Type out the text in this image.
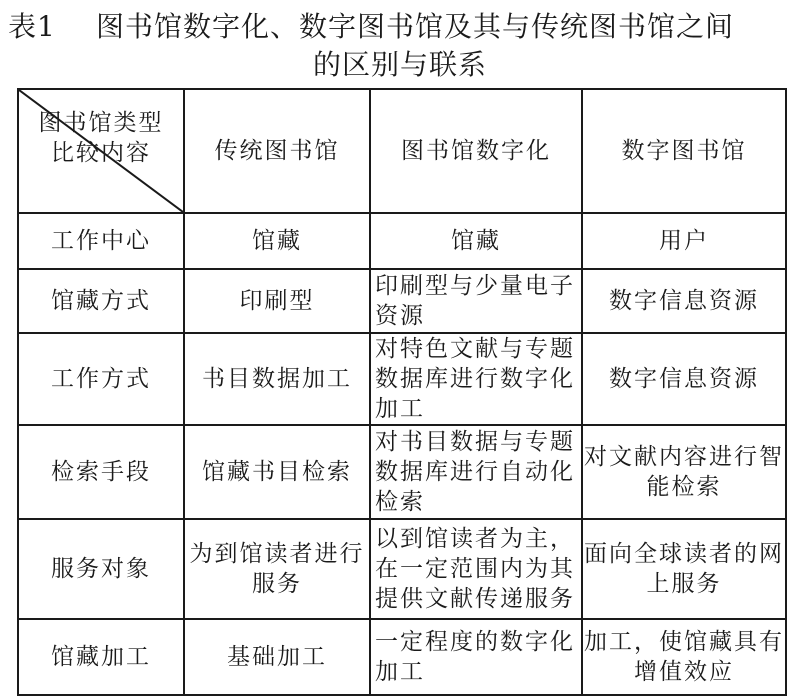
表1 图书馆数字化、数字图书馆及其与传统图书馆之间
的区别与联系
图书馆类型
比较内容	传统图书馆	图书馆数字化	数字图书馆

工作中心	馆藏	馆藏	用户

馆藏方式	印刷型	印刷型与少量电子资源	数字信息资源

工作方式	书目数据加工	对特色文献与专题数据库进行数字化加工	数字信息资源

检索手段	馆藏书目检索	对书目数据与专题数据库进行自动化检索	对文献内容进行智能检索

服务对象	为到馆读者进行服务	以到馆读者为主，在一定范围内为其提供文献传递服务	面向全球读者的网上服务

馆藏加工	基础加工	一定程度的数字化加工	加工，使馆藏具有增值效应
